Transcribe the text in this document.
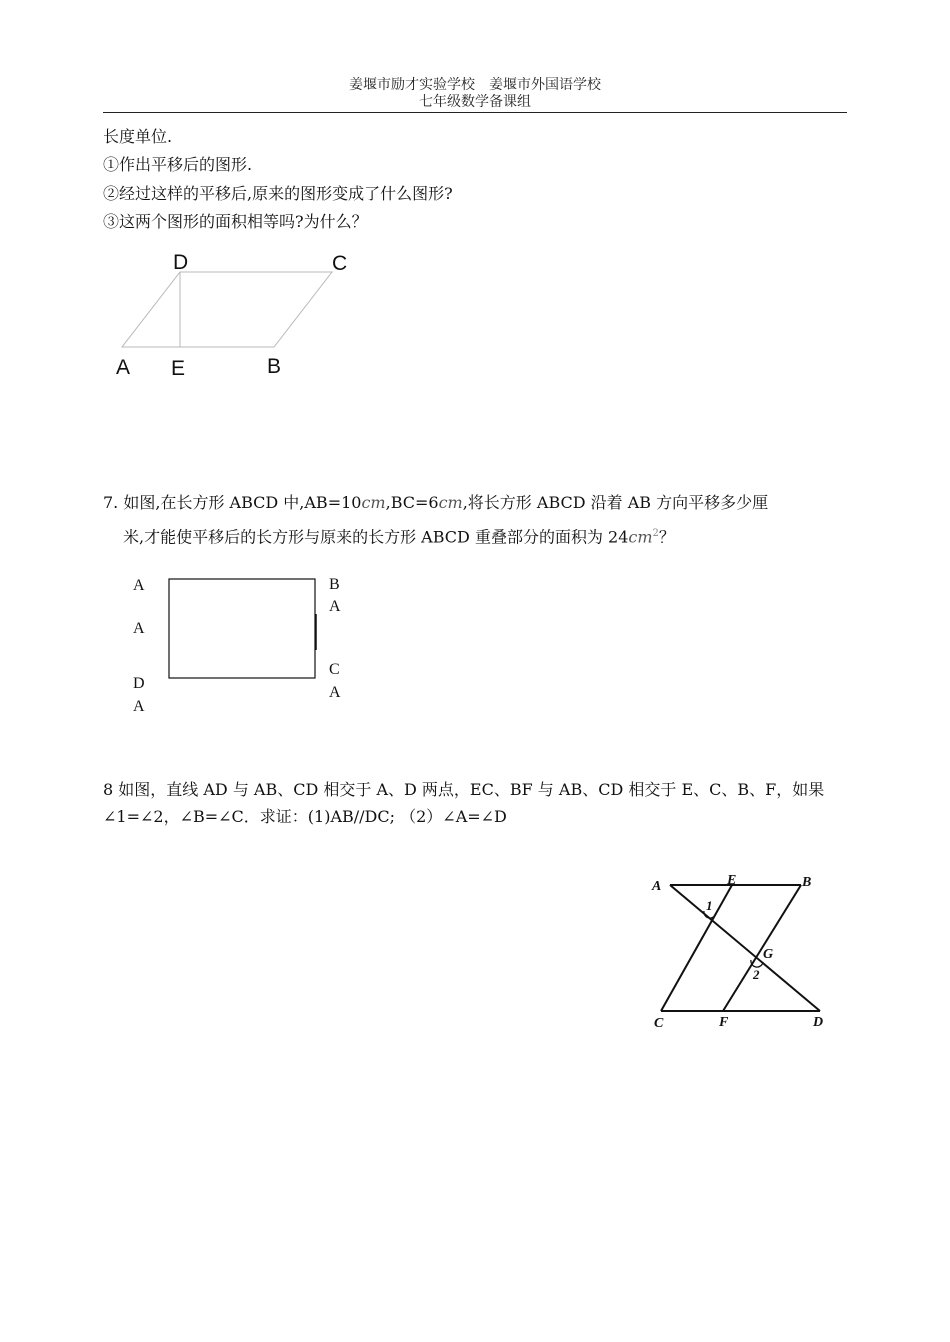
姜堰市励才实验学校　姜堰市外国语学校
七年级数学备课组
长度单位.
①作出平移后的图形.
②经过这样的平移后,原来的图形变成了什么图形?
③这两个图形的面积相等吗?为什么？
D	C
A E	B
7. 如图,在长方形 ABCD 中,AB=10cm,BC=6cm,将长方形 ABCD 沿着 AB 方向平移多少厘
米,才能使平移后的长方形与原来的长方形 ABCD 重叠部分的面积为 $24cm^2$？
A
A
D
A
B
A
C
A
8 如图，直线 AD 与 AB、CD 相交于 A、D 两点，EC、BF 与 AB、CD 相交于 E、C、B、F，如果
∠1=∠2，∠B=∠C．求证：(1)AB//DC; （2）∠A=∠D
A	E	B
1
G
2
C	F	D
